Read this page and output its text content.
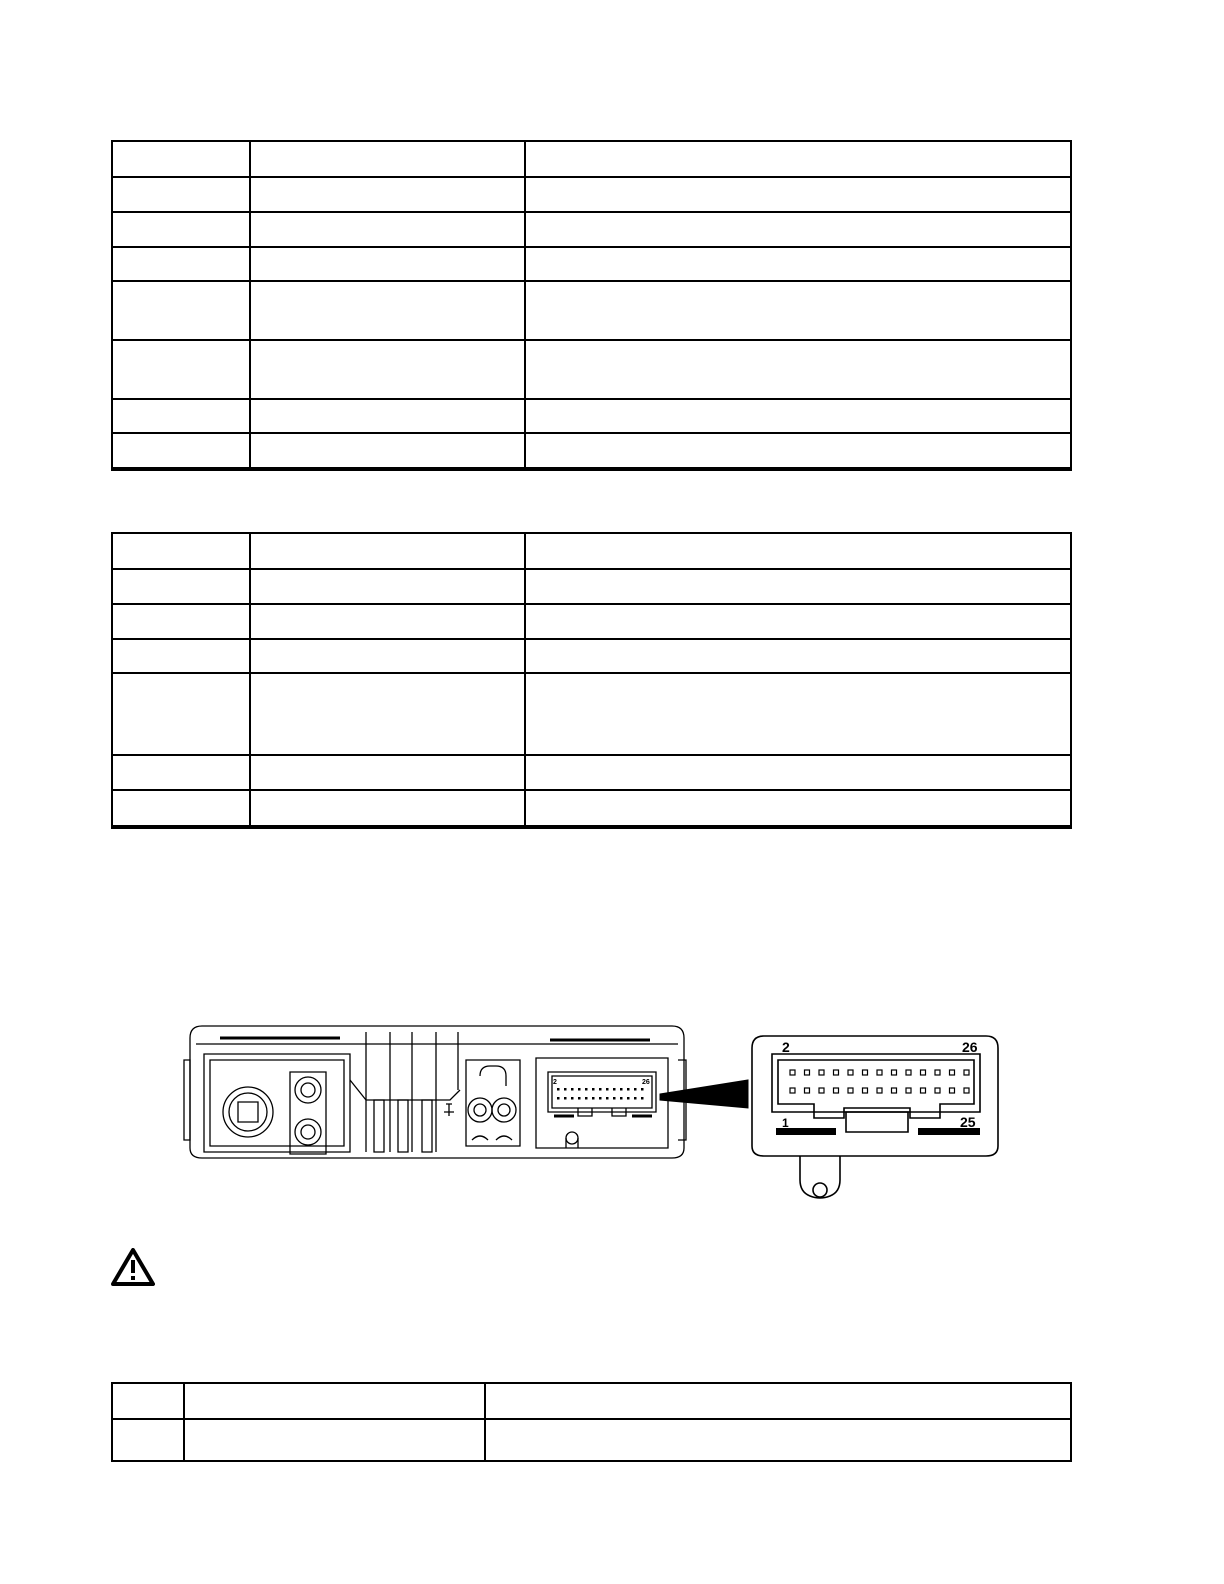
2	26
2	26
1	25
